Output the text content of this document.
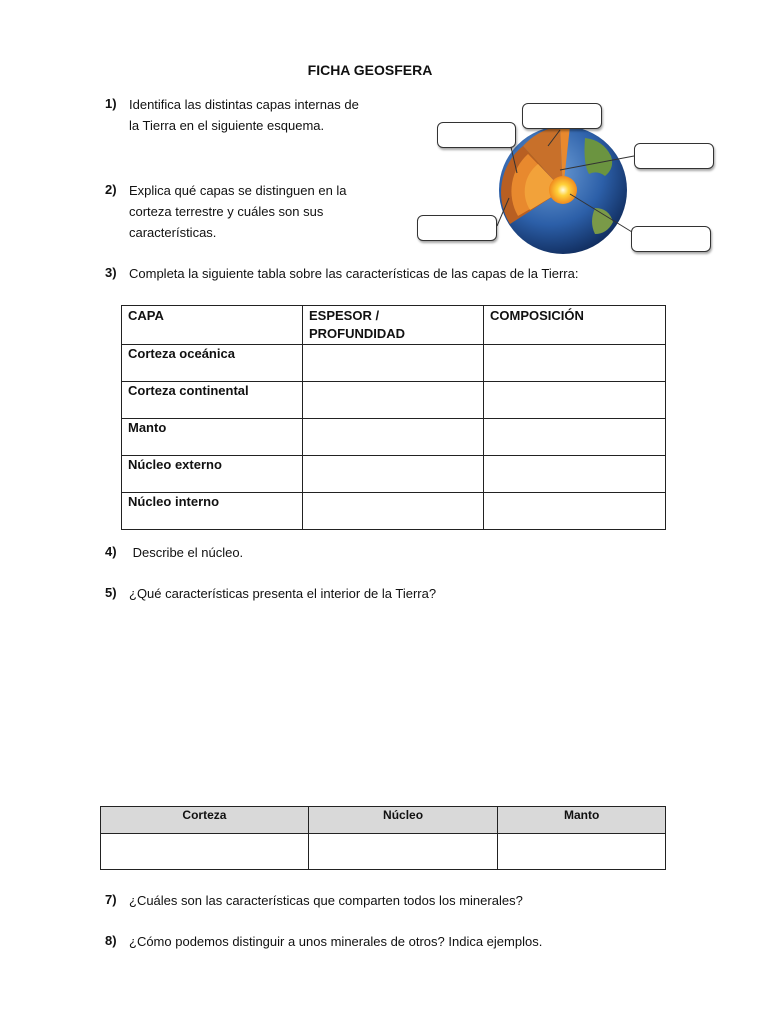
FICHA GEOSFERA
1) Identifica las distintas capas internas de
la Tierra en el siguiente esquema.
2) Explica qué capas se distinguen en la
corteza terrestre y cuáles son sus
características.
3) Completa la siguiente tabla sobre las características de las capas de la Tierra:
CAPA	ESPESOR / PROFUNDIDAD	COMPOSICIÓN
Corteza oceánica		
Corteza continental		
Manto		
Núcleo externo		
Núcleo interno		
4) Describe el núcleo.
5) ¿Qué características presenta el interior de la Tierra?
Corteza	Núcleo	Manto

7) ¿Cuáles son las características que comparten todos los minerales?
8) ¿Cómo podemos distinguir a unos minerales de otros? Indica ejemplos.
